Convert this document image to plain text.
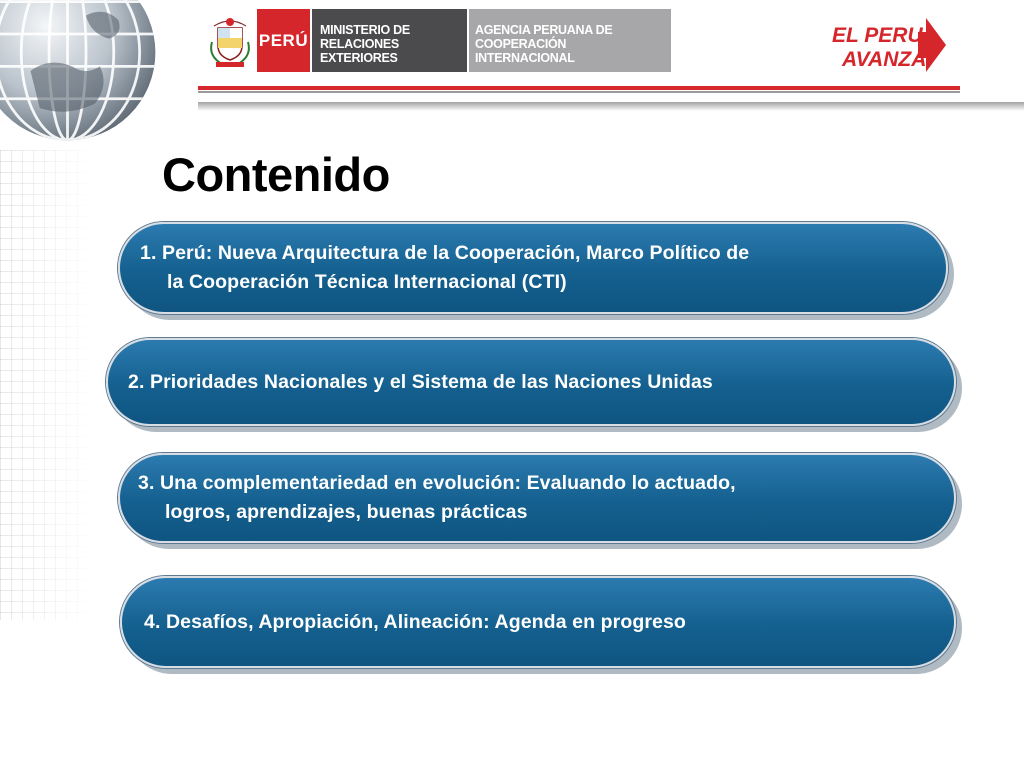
PERÚ
MINISTERIO DE RELACIONES
EXTERIORES
AGENCIA PERUANA DE COOPERACIÓN
INTERNACIONAL
EL PERU
AVANZA
Contenido
1. Perú: Nueva Arquitectura de la Cooperación, Marco Político de
la Cooperación Técnica Internacional (CTI)
2. Prioridades Nacionales y el Sistema de las Naciones Unidas
3. Una complementariedad en evolución: Evaluando lo actuado,
logros, aprendizajes, buenas prácticas
4. Desafíos, Apropiación, Alineación: Agenda en progreso
